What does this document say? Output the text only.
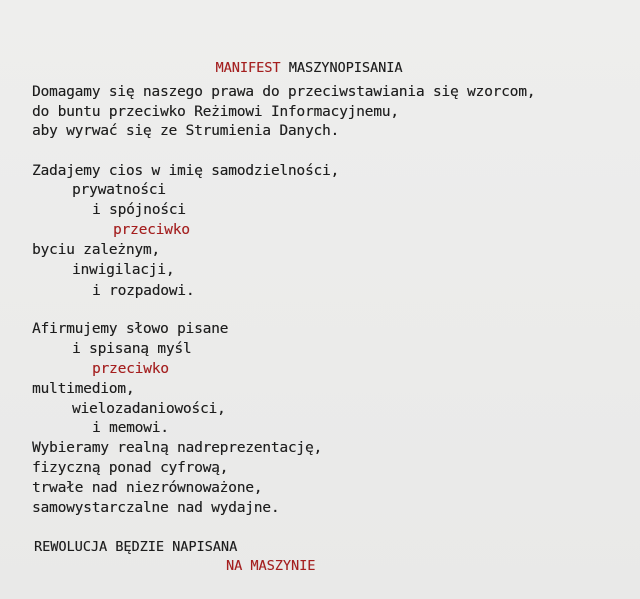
MANIFEST MASZYNOPISANIA

Domagamy się naszego prawa do przeciwstawiania się wzorcom,
do buntu przeciwko Reżimowi Informacyjnemu,
aby wyrwać się ze Strumienia Danych.
Zadajemy cios w imię samodzielności,
prywatności
i spójności
przeciwko
byciu zależnym,
inwigilacji,
i rozpadowi.
Afirmujemy słowo pisane
i spisaną myśl
przeciwko
multimediom,
wielozadaniowości,
i memowi.
Wybieramy realną nadreprezentację,
fizyczną ponad cyfrową,
trwałe nad niezrównoważone,
samowystarczalne nad wydajne.
REWOLUCJA BĘDZIE NAPISANA
NA MASZYNIE
